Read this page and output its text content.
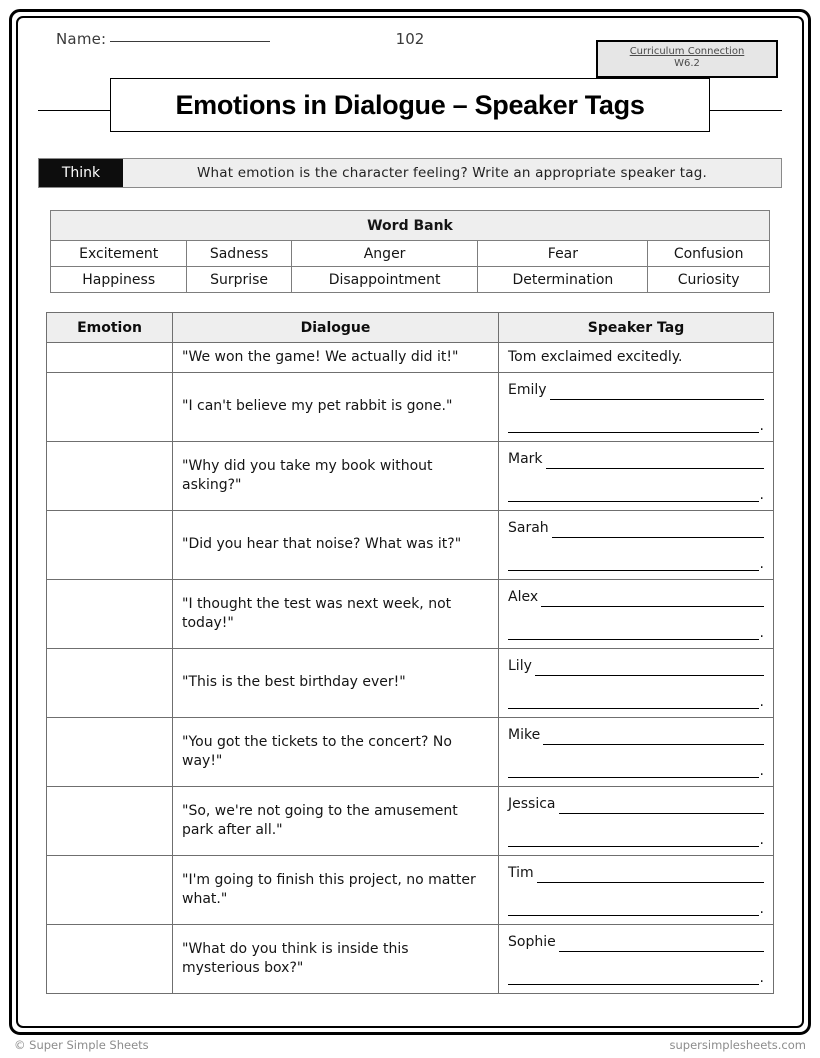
Name:	102
Curriculum Connection
W6.2
Emotions in Dialogue – Speaker Tags
Think	What emotion is the character feeling? Write an appropriate speaker tag.
Word Bank				
Excitement	Sadness	Anger	Fear	Confusion
Happiness	Surprise	Disappointment	Determination	Curiosity
Emotion	Dialogue	Speaker Tag
	"We won the game! We actually did it!"	Tom exclaimed excitedly.
	"I can't believe my pet rabbit is gone."	Emily
.

	"Why did you take my book without asking?"	Mark
.

	"Did you hear that noise? What was it?"	Sarah
.

	"I thought the test was next week, not today!"	Alex
.

	"This is the best birthday ever!"	Lily
.

	"You got the tickets to the concert? No way!"	Mike
.

	"So, we're not going to the amusement park after all."	Jessica
.

	"I'm going to finish this project, no matter what."	Tim
.

	"What do you think is inside this mysterious box?"	Sophie
.
© Super Simple Sheets	supersimplesheets.com
